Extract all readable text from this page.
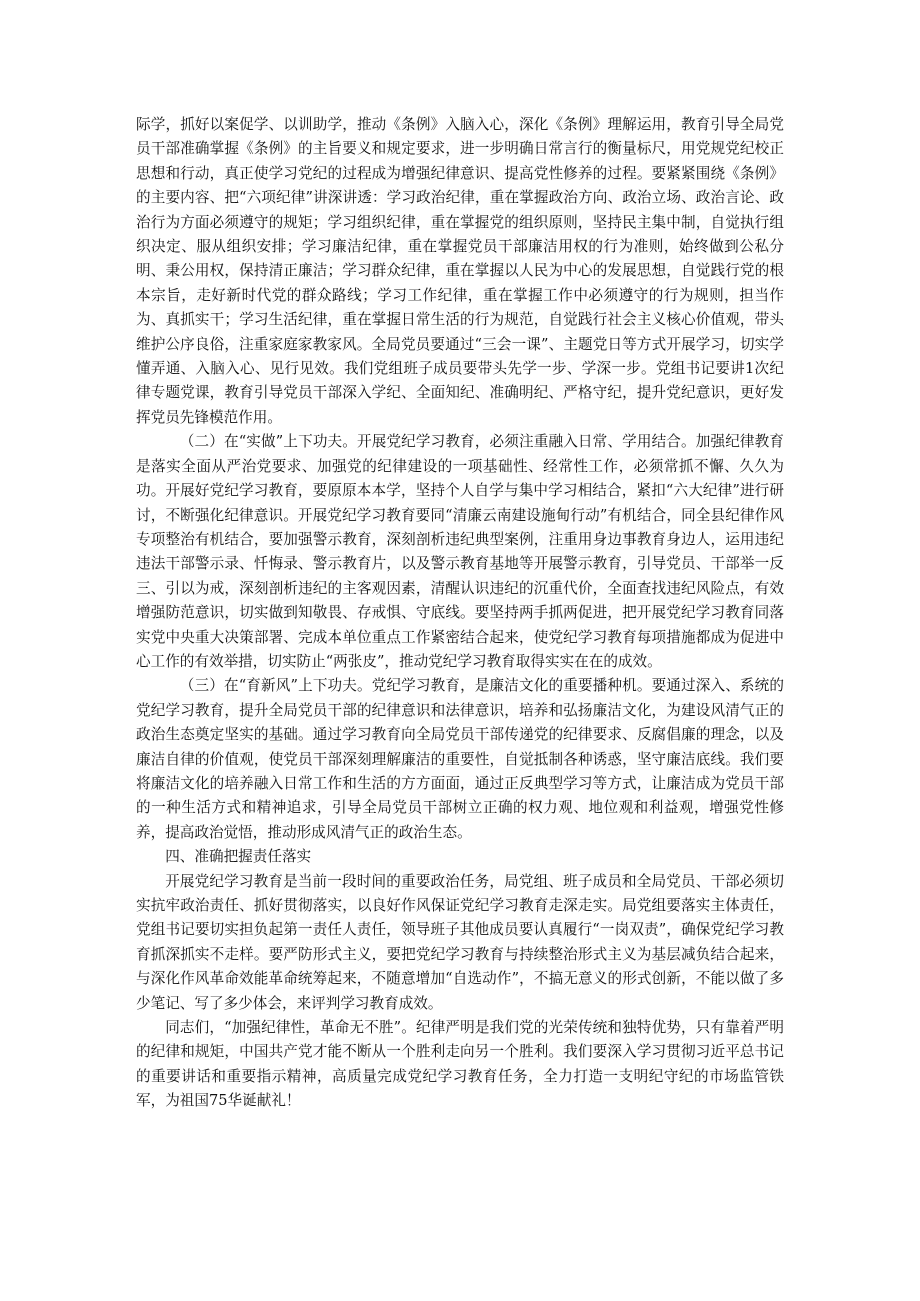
际学，抓好以案促学、以训助学，推动《条例》入脑入心，深化《条例》理解运用，教育引导全局党员干部准确掌握《条例》的主旨要义和规定要求，进一步明确日常言行的衡量标尺，用党规党纪校正思想和行动，真正使学习党纪的过程成为增强纪律意识、提高党性修养的过程。要紧紧围绕《条例》的主要内容、把“六项纪律”讲深讲透：学习政治纪律，重在掌握政治方向、政治立场、政治言论、政治行为方面必须遵守的规矩；学习组织纪律，重在掌握党的组织原则，坚持民主集中制，自觉执行组织决定、服从组织安排；学习廉洁纪律，重在掌握党员干部廉洁用权的行为准则，始终做到公私分明、秉公用权，保持清正廉洁；学习群众纪律，重在掌握以人民为中心的发展思想，自觉践行党的根本宗旨，走好新时代党的群众路线；学习工作纪律，重在掌握工作中必须遵守的行为规则，担当作为、真抓实干；学习生活纪律，重在掌握日常生活的行为规范，自觉践行社会主义核心价值观，带头维护公序良俗，注重家庭家教家风。全局党员要通过“三会一课”、主题党日等方式开展学习，切实学懂弄通、入脑入心、见行见效。我们党组班子成员要带头先学一步、学深一步。党组书记要讲1次纪律专题党课，教育引导党员干部深入学纪、全面知纪、准确明纪、严格守纪，提升党纪意识，更好发挥党员先锋模范作用。

（二）在“实做”上下功夫。开展党纪学习教育，必须注重融入日常、学用结合。加强纪律教育是落实全面从严治党要求、加强党的纪律建设的一项基础性、经常性工作，必须常抓不懈、久久为功。开展好党纪学习教育，要原原本本学，坚持个人自学与集中学习相结合，紧扣“六大纪律”进行研讨，不断强化纪律意识。开展党纪学习教育要同“清廉云南建设施甸行动”有机结合，同全县纪律作风专项整治有机结合，要加强警示教育，深刻剖析违纪典型案例，注重用身边事教育身边人，运用违纪违法干部警示录、忏悔录、警示教育片，以及警示教育基地等开展警示教育，引导党员、干部举一反三、引以为戒，深刻剖析违纪的主客观因素，清醒认识违纪的沉重代价，全面查找违纪风险点，有效增强防范意识，切实做到知敬畏、存戒惧、守底线。要坚持两手抓两促进，把开展党纪学习教育同落实党中央重大决策部署、完成本单位重点工作紧密结合起来，使党纪学习教育每项措施都成为促进中心工作的有效举措，切实防止“两张皮”，推动党纪学习教育取得实实在在的成效。

（三）在“育新风”上下功夫。党纪学习教育，是廉洁文化的重要播种机。要通过深入、系统的党纪学习教育，提升全局党员干部的纪律意识和法律意识，培养和弘扬廉洁文化，为建设风清气正的政治生态奠定坚实的基础。通过学习教育向全局党员干部传递党的纪律要求、反腐倡廉的理念，以及廉洁自律的价值观，使党员干部深刻理解廉洁的重要性，自觉抵制各种诱惑，坚守廉洁底线。我们要将廉洁文化的培养融入日常工作和生活的方方面面，通过正反典型学习等方式，让廉洁成为党员干部的一种生活方式和精神追求，引导全局党员干部树立正确的权力观、地位观和利益观，增强党性修养，提高政治觉悟，推动形成风清气正的政治生态。

四、准确把握责任落实

开展党纪学习教育是当前一段时间的重要政治任务，局党组、班子成员和全局党员、干部必须切实抗牢政治责任、抓好贯彻落实，以良好作风保证党纪学习教育走深走实。局党组要落实主体责任，党组书记要切实担负起第一责任人责任，领导班子其他成员要认真履行“一岗双责”，确保党纪学习教育抓深抓实不走样。要严防形式主义，要把党纪学习教育与持续整治形式主义为基层减负结合起来，与深化作风革命效能革命统筹起来，不随意增加“自选动作”，不搞无意义的形式创新，不能以做了多少笔记、写了多少体会，来评判学习教育成效。

同志们，“加强纪律性，革命无不胜”。纪律严明是我们党的光荣传统和独特优势，只有靠着严明的纪律和规矩，中国共产党才能不断从一个胜利走向另一个胜利。我们要深入学习贯彻习近平总书记的重要讲话和重要指示精神，高质量完成党纪学习教育任务，全力打造一支明纪守纪的市场监管铁军，为祖国75华诞献礼！
